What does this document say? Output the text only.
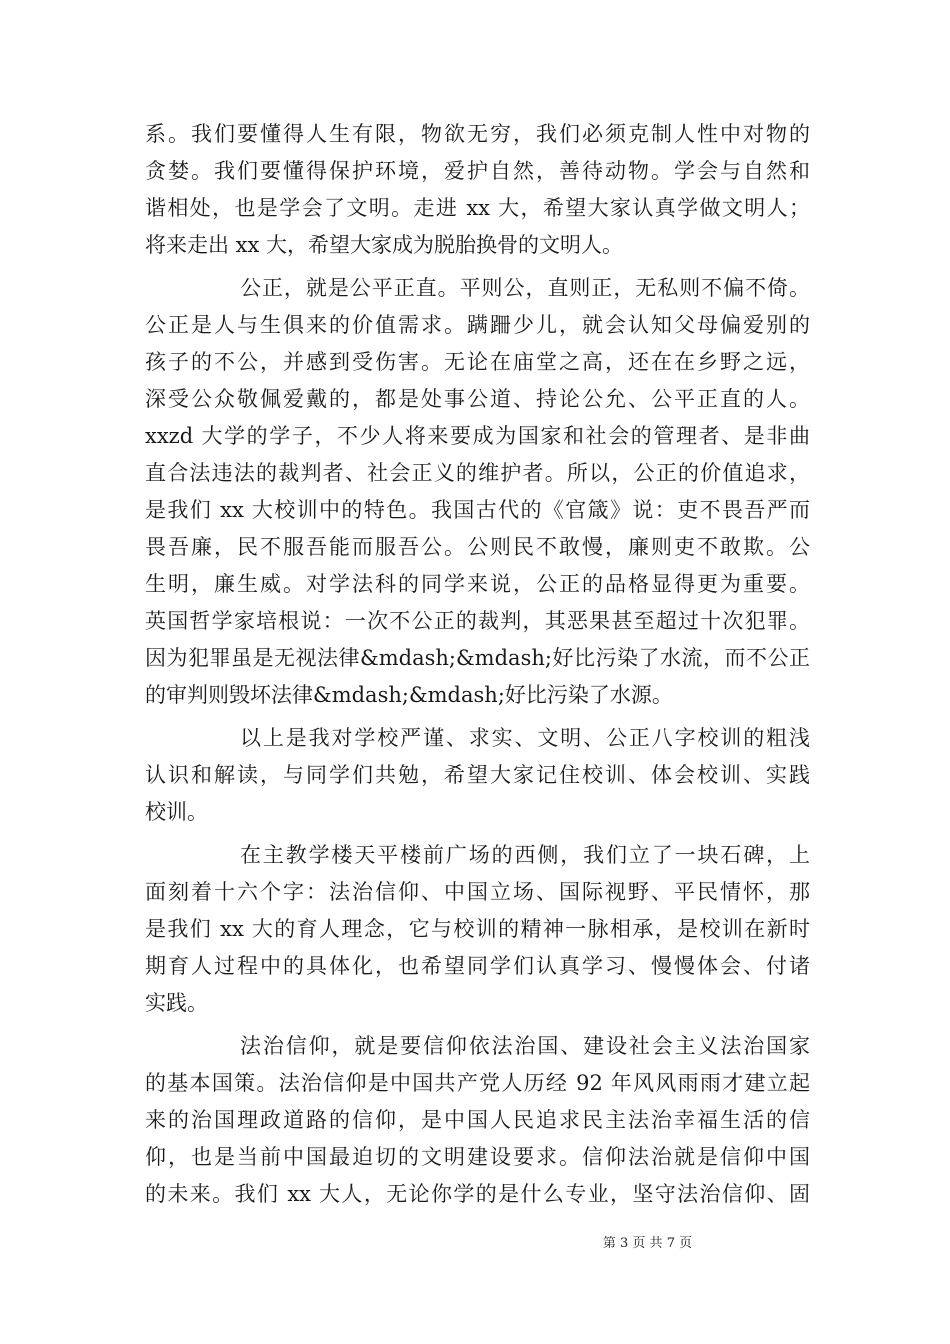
系。我们要懂得人生有限，物欲无穷，我们必须克制人性中对物的
贪婪。我们要懂得保护环境，爱护自然，善待动物。学会与自然和
谐相处，也是学会了文明。走进 xx 大，希望大家认真学做文明人；
将来走出 xx 大，希望大家成为脱胎换骨的文明人。
公正，就是公平正直。平则公，直则正，无私则不偏不倚。
公正是人与生俱来的价值需求。蹒跚少儿，就会认知父母偏爱别的
孩子的不公，并感到受伤害。无论在庙堂之高，还在在乡野之远，
深受公众敬佩爱戴的，都是处事公道、持论公允、公平正直的人。
xxzd 大学的学子，不少人将来要成为国家和社会的管理者、是非曲
直合法违法的裁判者、社会正义的维护者。所以，公正的价值追求，
是我们 xx 大校训中的特色。我国古代的《官箴》说：吏不畏吾严而
畏吾廉，民不服吾能而服吾公。公则民不敢慢，廉则吏不敢欺。公
生明，廉生威。对学法科的同学来说，公正的品格显得更为重要。
英国哲学家培根说：一次不公正的裁判，其恶果甚至超过十次犯罪。
因为犯罪虽是无视法律&mdash;&mdash;好比污染了水流，而不公正
的审判则毁坏法律&mdash;&mdash;好比污染了水源。
以上是我对学校严谨、求实、文明、公正八字校训的粗浅
认识和解读，与同学们共勉，希望大家记住校训、体会校训、实践
校训。
在主教学楼天平楼前广场的西侧，我们立了一块石碑，上
面刻着十六个字：法治信仰、中国立场、国际视野、平民情怀，那
是我们 xx 大的育人理念，它与校训的精神一脉相承，是校训在新时
期育人过程中的具体化，也希望同学们认真学习、慢慢体会、付诸
实践。
法治信仰，就是要信仰依法治国、建设社会主义法治国家
的基本国策。法治信仰是中国共产党人历经 92 年风风雨雨才建立起
来的治国理政道路的信仰，是中国人民追求民主法治幸福生活的信
仰，也是当前中国最迫切的文明建设要求。信仰法治就是信仰中国
的未来。我们 xx 大人，无论你学的是什么专业，坚守法治信仰、固
第 3 页 共 7 页
